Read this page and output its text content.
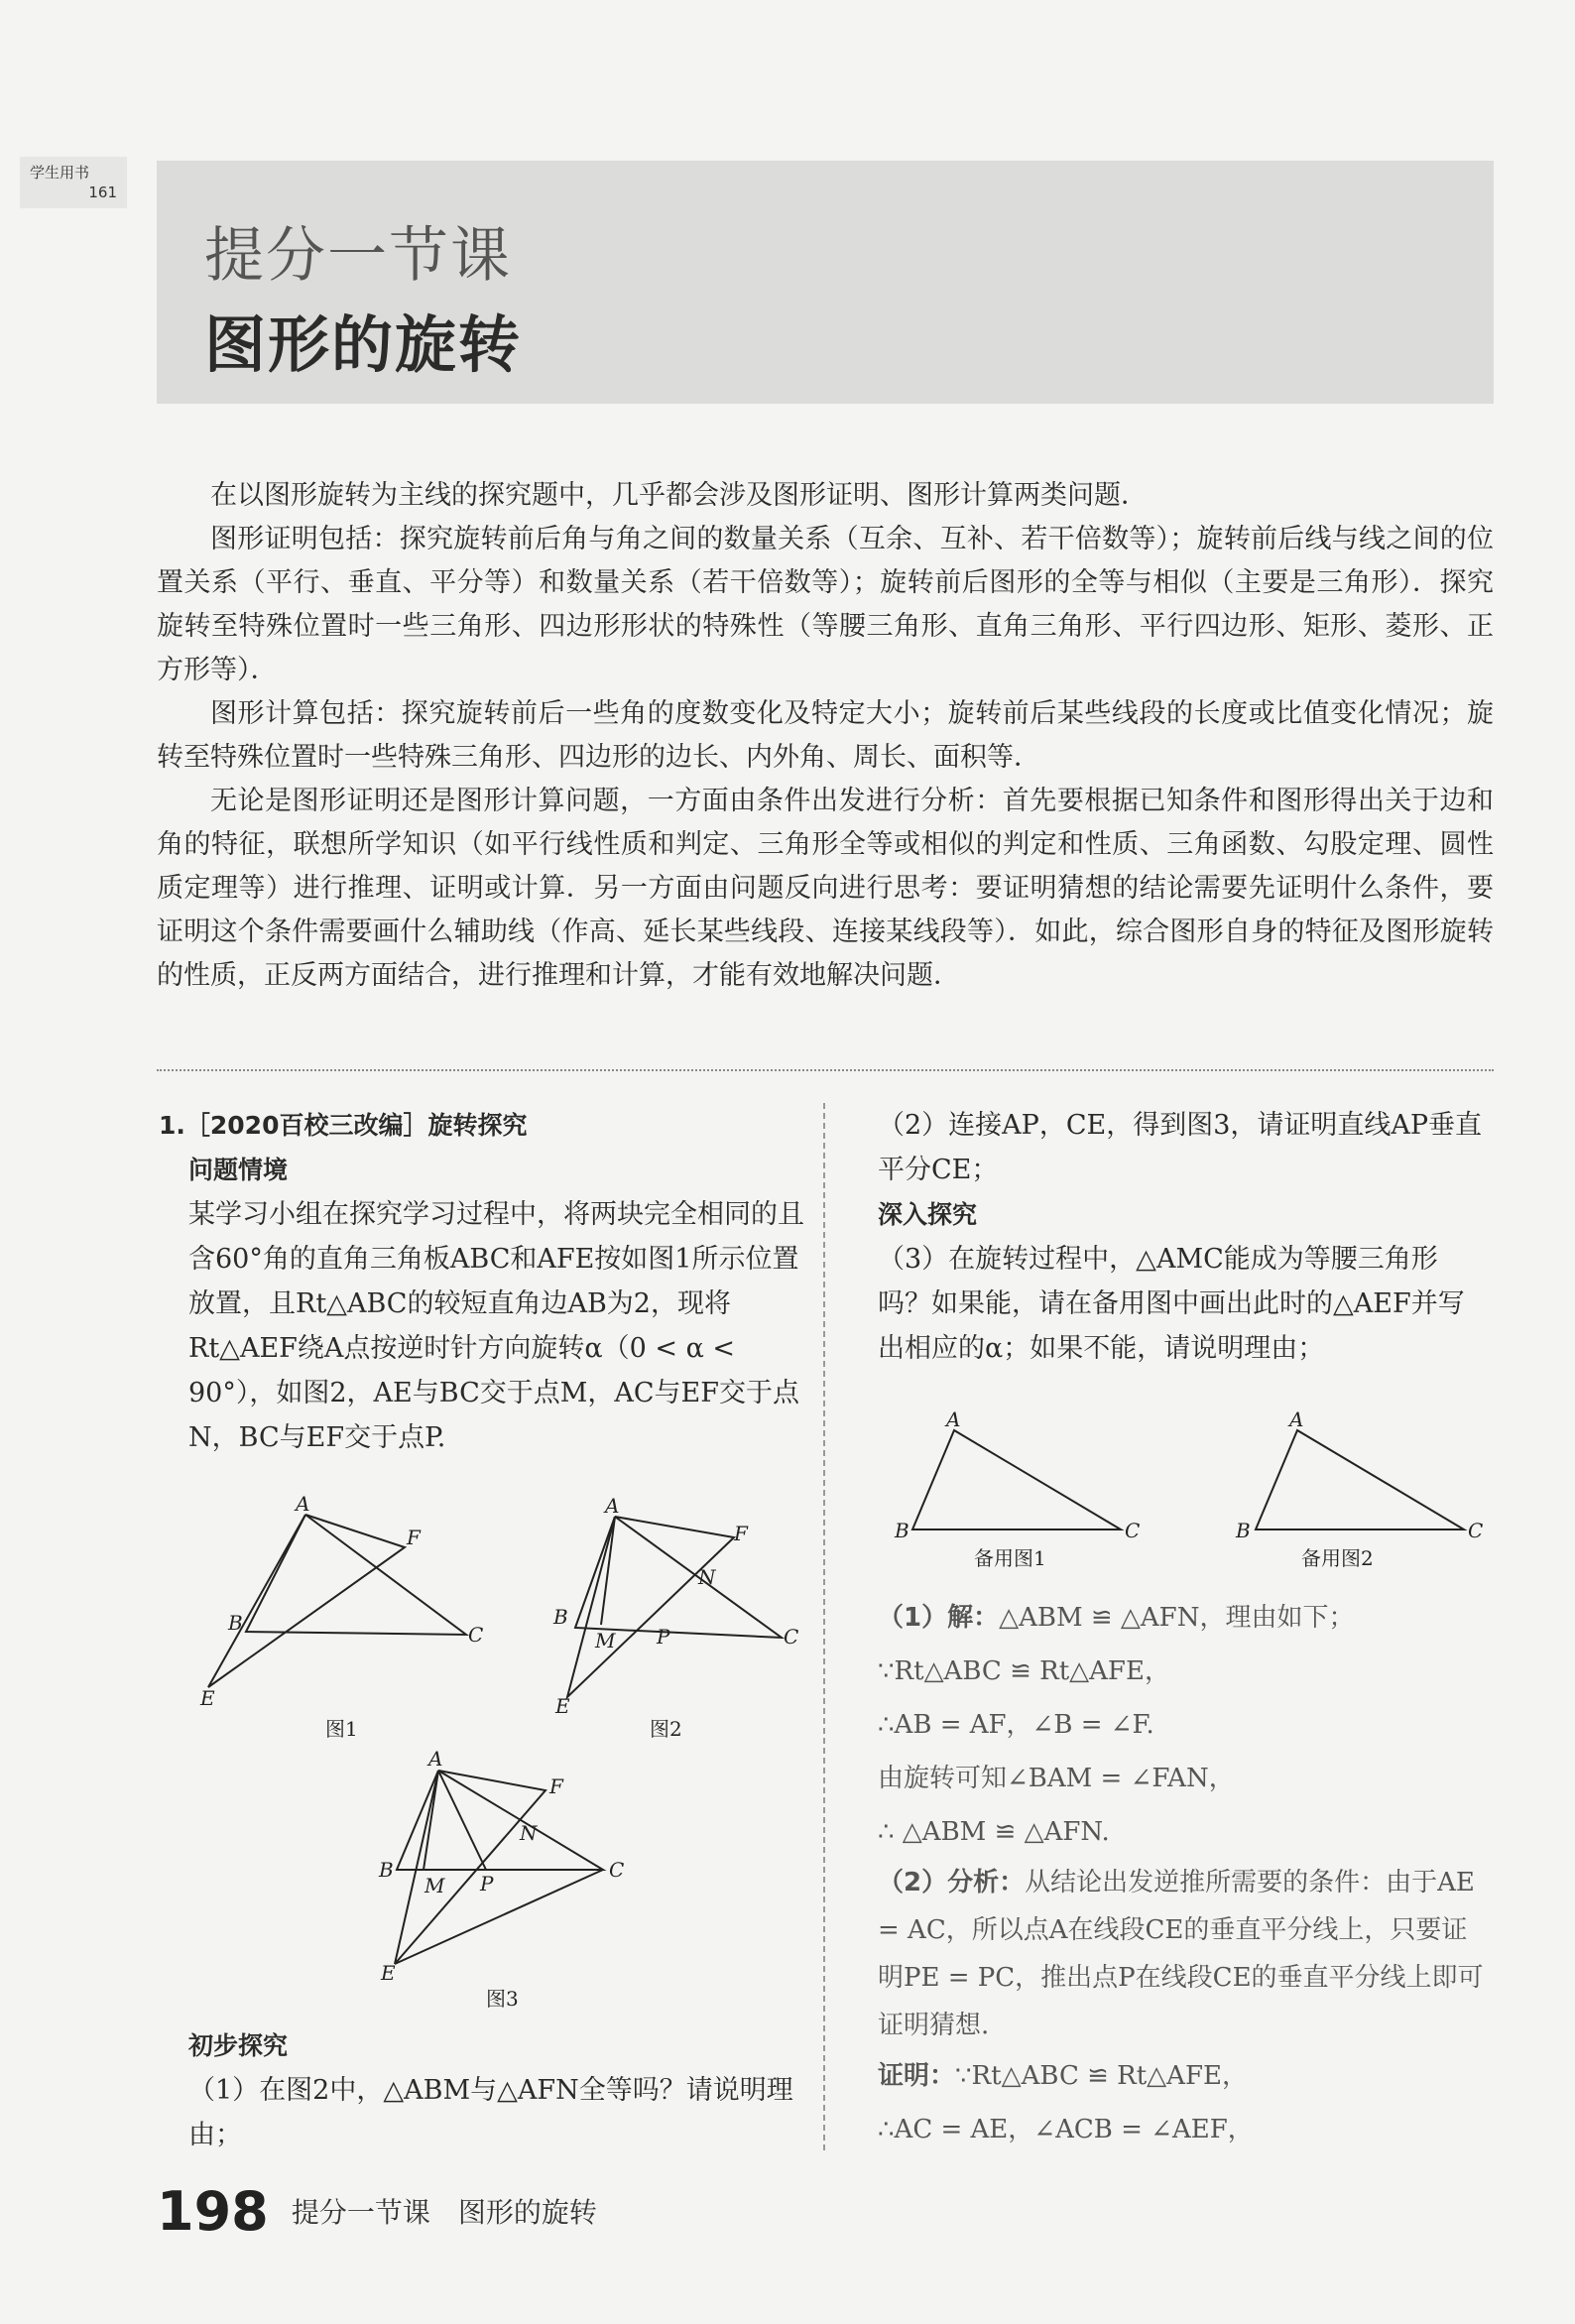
学生用书
161
提分一节课
图形的旋转

在以图形旋转为主线的探究题中，几乎都会涉及图形证明、图形计算两类问题．

图形证明包括：探究旋转前后角与角之间的数量关系（互余、互补、若干倍数等）；旋转前后线与线之间的位置关系（平行、垂直、平分等）和数量关系（若干倍数等）；旋转前后图形的全等与相似（主要是三角形）．探究旋转至特殊位置时一些三角形、四边形形状的特殊性（等腰三角形、直角三角形、平行四边形、矩形、菱形、正方形等）．

图形计算包括：探究旋转前后一些角的度数变化及特定大小；旋转前后某些线段的长度或比值变化情况；旋转至特殊位置时一些特殊三角形、四边形的边长、内外角、周长、面积等．

无论是图形证明还是图形计算问题，一方面由条件出发进行分析：首先要根据已知条件和图形得出关于边和角的特征，联想所学知识（如平行线性质和判定、三角形全等或相似的判定和性质、三角函数、勾股定理、圆性质定理等）进行推理、证明或计算．另一方面由问题反向进行思考：要证明猜想的结论需要先证明什么条件，要证明这个条件需要画什么辅助线（作高、延长某些线段、连接某线段等）．如此，综合图形自身的特征及图形旋转的性质，正反两方面结合，进行推理和计算，才能有效地解决问题．

1.［2020百校三改编］旋转探究

问题情境

某学习小组在探究学习过程中，将两块完全相同的且含60°角的直角三角板ABC和AFE按如图1所示位置放置，且Rt△ABC的较短直角边AB为2，现将Rt△AEF绕A点按逆时针方向旋转α（0 < α < 90°），如图2，AE与BC交于点M，AC与EF交于点N，BC与EF交于点P.

A
F
B	C
E
图1
A
F
N
B
M P	C
E
图2
A
F
N
B
M P
C
E
图3

初步探究

（1）在图2中，△ABM与△AFN全等吗？请说明理由；

（2）连接AP，CE，得到图3，请证明直线AP垂直平分CE；

深入探究

（3）在旋转过程中，△AMC能成为等腰三角形吗？如果能，请在备用图中画出此时的△AEF并写出相应的α；如果不能，请说明理由；

A
B	C
备用图1
A
B	C
备用图2

（1）解：△ABM ≌ △AFN，理由如下；

∵Rt△ABC ≌ Rt△AFE，

∴AB = AF，∠B = ∠F.

由旋转可知∠BAM = ∠FAN，

∴ △ABM ≌ △AFN.

（2）分析：从结论出发逆推所需要的条件：由于AE = AC，所以点A在线段CE的垂直平分线上，只要证明PE = PC，推出点P在线段CE的垂直平分线上即可证明猜想.

证明：∵Rt△ABC ≌ Rt△AFE，

∴AC = AE，∠ACB = ∠AEF，

198 提分一节课　图形的旋转
